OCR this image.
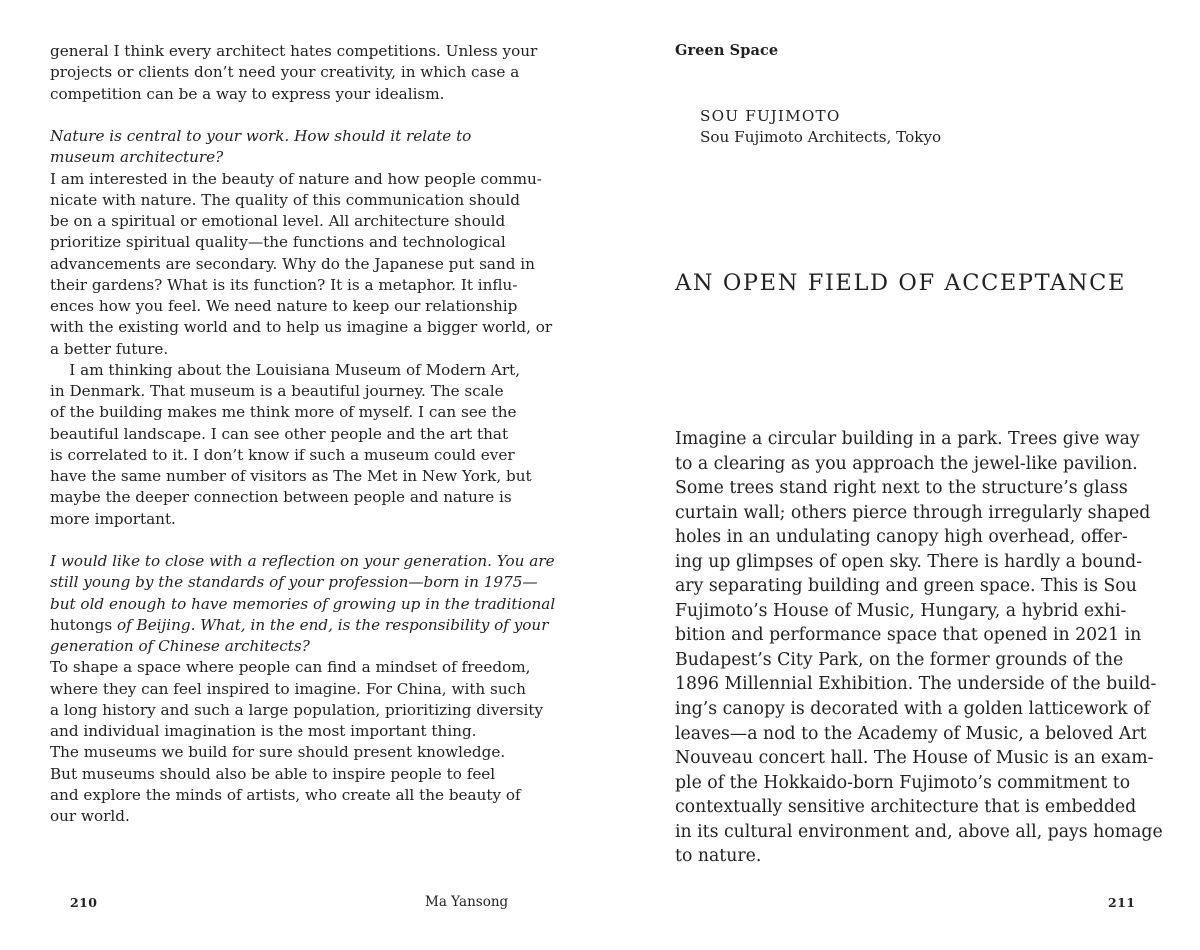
general I think every architect hates competitions. Unless your
projects or clients don’t need your creativity, in which case a
competition can be a way to express your idealism.
Nature is central to your work. How should it relate to
museum architecture?
I am interested in the beauty of nature and how people commu-
nicate with nature. The quality of this communication should
be on a spiritual or emotional level. All architecture should
prioritize spiritual quality—the functions and technological
advancements are secondary. Why do the Japanese put sand in
their gardens? What is its function? It is a metaphor. It influ-
ences how you feel. We need nature to keep our relationship
with the existing world and to help us imagine a bigger world, or
a better future.
I am thinking about the Louisiana Museum of Modern Art,
in Denmark. That museum is a beautiful journey. The scale
of the building makes me think more of myself. I can see the
beautiful landscape. I can see other people and the art that
is correlated to it. I don’t know if such a museum could ever
have the same number of visitors as The Met in New York, but
maybe the deeper connection between people and nature is
more important.
I would like to close with a reflection on your generation. You are
still young by the standards of your profession—born in 1975—
but old enough to have memories of growing up in the traditional
hutongs of Beijing. What, in the end, is the responsibility of your
generation of Chinese architects?
To shape a space where people can find a mindset of freedom,
where they can feel inspired to imagine. For China, with such
a long history and such a large population, prioritizing diversity
and individual imagination is the most important thing.
The museums we build for sure should present knowledge.
But museums should also be able to inspire people to feel
and explore the minds of artists, who create all the beauty of
our world.
210	Ma Yansong
Green Space
SOU FUJIMOTO
Sou Fujimoto Architects, Tokyo
AN OPEN FIELD OF ACCEPTANCE
Imagine a circular building in a park. Trees give way
to a clearing as you approach the jewel-like pavilion.
Some trees stand right next to the structure’s glass
curtain wall; others pierce through irregularly shaped
holes in an undulating canopy high overhead, offer-
ing up glimpses of open sky. There is hardly a bound-
ary separating building and green space. This is Sou
Fujimoto’s House of Music, Hungary, a hybrid exhi-
bition and performance space that opened in 2021 in
Budapest’s City Park, on the former grounds of the
1896 Millennial Exhibition. The underside of the build-
ing’s canopy is decorated with a golden latticework of
leaves—a nod to the Academy of Music, a beloved Art
Nouveau concert hall. The House of Music is an exam-
ple of the Hokkaido-born Fujimoto’s commitment to
contextually sensitive architecture that is embedded
in its cultural environment and, above all, pays homage
to nature.
211
